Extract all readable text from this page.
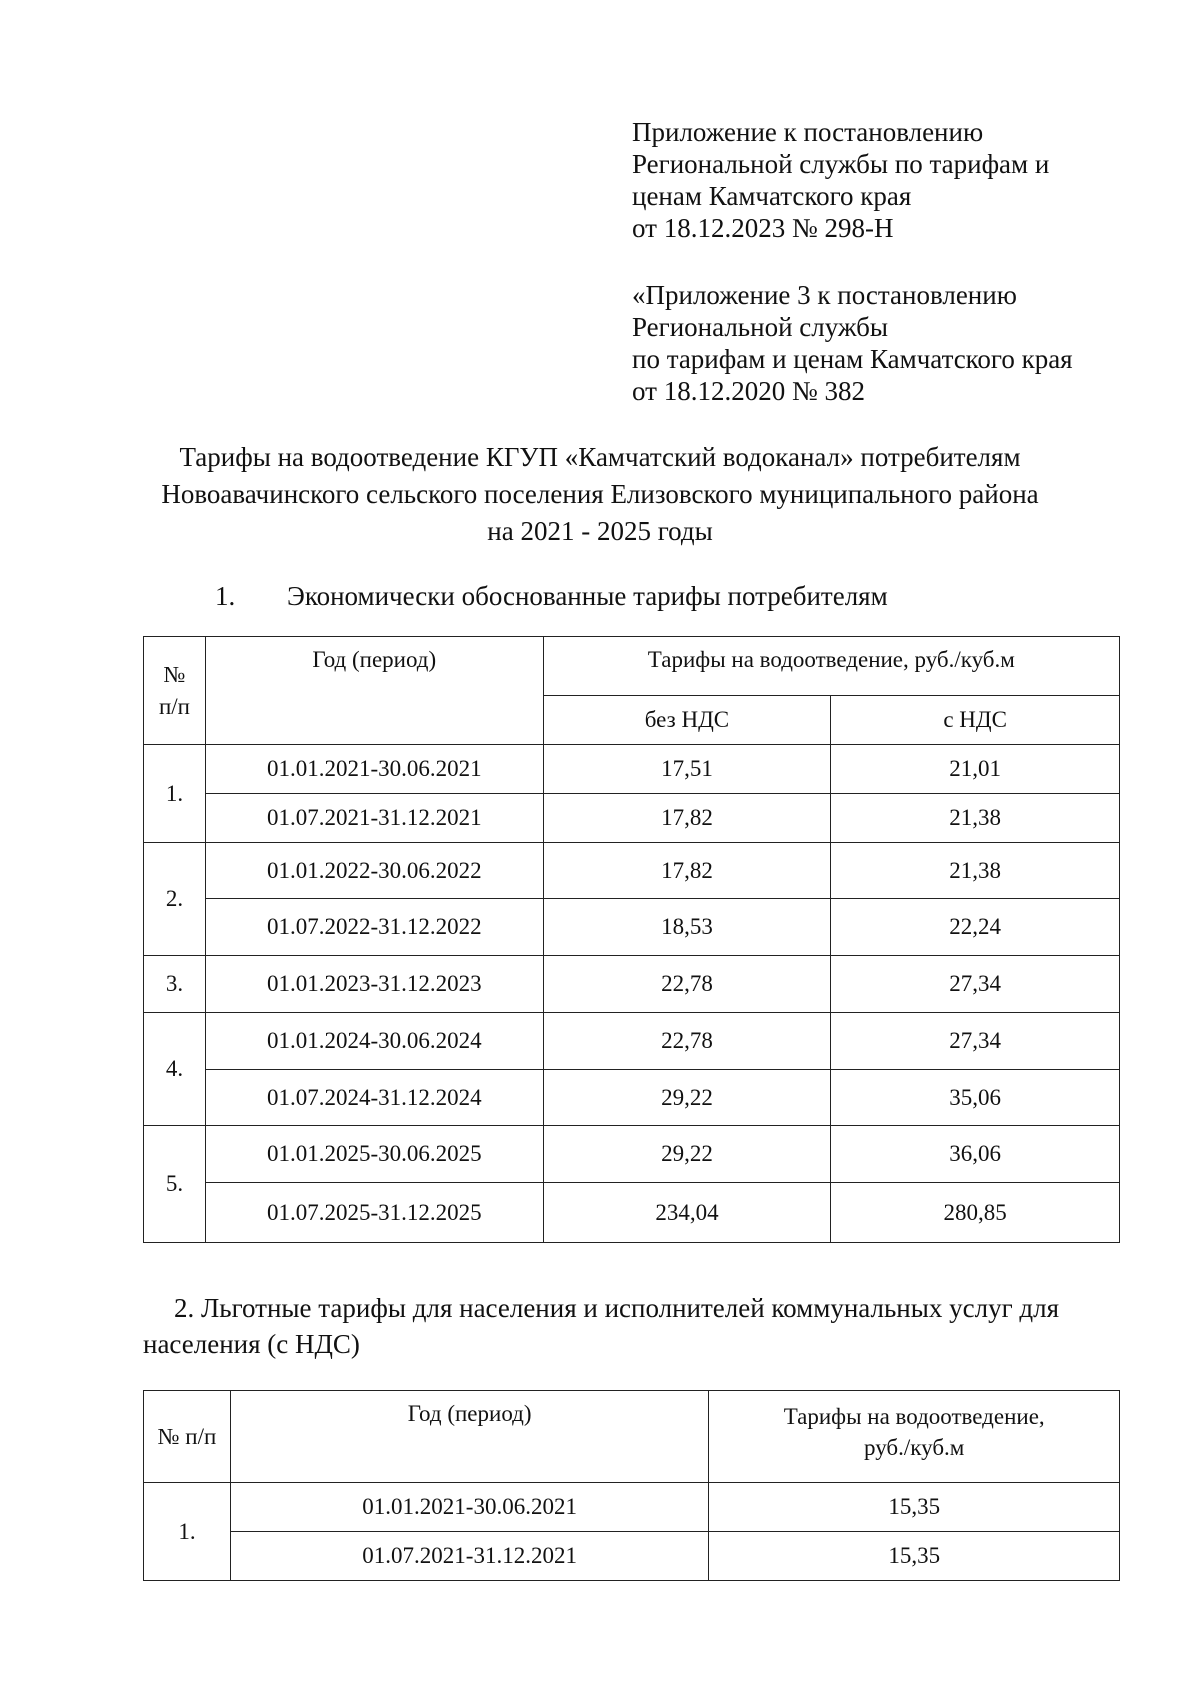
Приложение к постановлению
Региональной службы по тарифам и
ценам Камчатского края
от 18.12.2023 № 298-Н
«Приложение 3 к постановлению
Региональной службы
по тарифам и ценам Камчатского края
от 18.12.2020 № 382
Тарифы на водоотведение КГУП «Камчатский водоканал» потребителям
Новоавачинского сельского поселения Елизовского муниципального района
на 2021 - 2025 годы
1. Экономически обоснованные тарифы потребителям
№ п/п	Год (период)	Тарифы на водоотведение, руб./куб.м	
		без НДС	с НДС
1.	01.01.2021-30.06.2021	17,51	21,01
	01.07.2021-31.12.2021	17,82	21,38
2.	01.01.2022-30.06.2022	17,82	21,38
	01.07.2022-31.12.2022	18,53	22,24
3.	01.01.2023-31.12.2023	22,78	27,34
4.	01.01.2024-30.06.2024	22,78	27,34
	01.07.2024-31.12.2024	29,22	35,06
5.	01.01.2025-30.06.2025	29,22	36,06
	01.07.2025-31.12.2025	234,04	280,85
2. Льготные тарифы для населения и исполнителей коммунальных услуг для
населения (с НДС)
№ п/п	Год (период)	Тарифы на водоотведение,
руб./куб.м

1.	01.01.2021-30.06.2021	15,35
	01.07.2021-31.12.2021	15,35
